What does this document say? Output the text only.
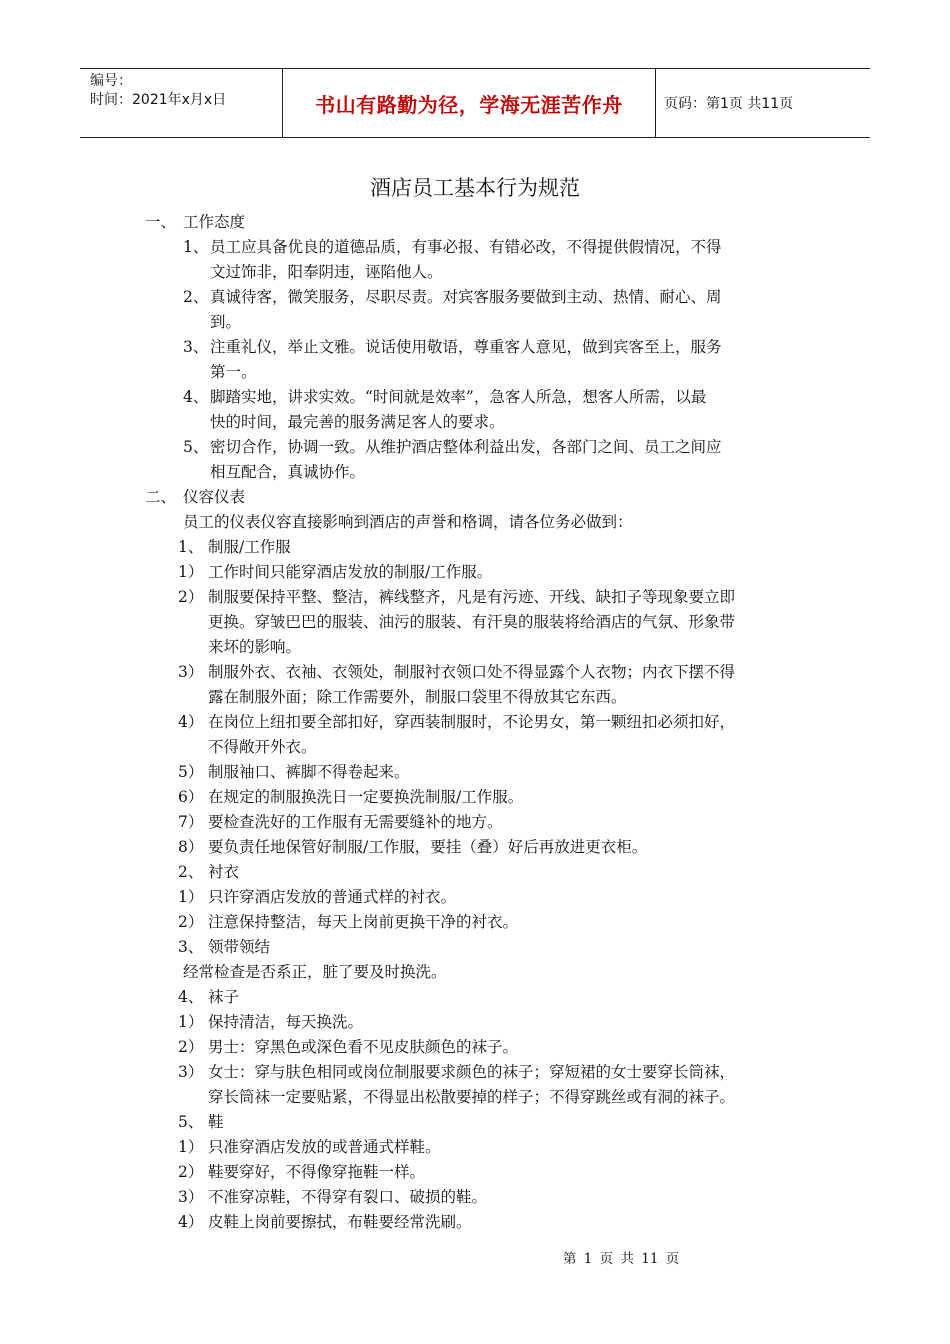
编号：
时间：2021年x月x日	书山有路勤为径，学海无涯苦作舟	页码：第1页 共11页
酒店员工基本行为规范
一、 工作态度
1、 员工应具备优良的道德品质，有事必报、有错必改，不得提供假情况，不得
文过饰非，阳奉阴违，诬陷他人。
2、 真诚待客，微笑服务，尽职尽责。对宾客服务要做到主动、热情、耐心、周
到。
3、 注重礼仪，举止文雅。说话使用敬语，尊重客人意见，做到宾客至上，服务
第一。
4、 脚踏实地，讲求实效。“时间就是效率”，急客人所急，想客人所需，以最
快的时间，最完善的服务满足客人的要求。
5、 密切合作，协调一致。从维护酒店整体利益出发，各部门之间、员工之间应
相互配合，真诚协作。
二、 仪容仪表
员工的仪表仪容直接影响到酒店的声誉和格调，请各位务必做到：
1、 制服/工作服
1） 工作时间只能穿酒店发放的制服/工作服。
2） 制服要保持平整、整洁，裤线整齐，凡是有污迹、开线、缺扣子等现象要立即
更换。穿皱巴巴的服装、油污的服装、有汗臭的服装将给酒店的气氛、形象带
来坏的影响。
3） 制服外衣、衣袖、衣领处，制服衬衣领口处不得显露个人衣物；内衣下摆不得
露在制服外面；除工作需要外，制服口袋里不得放其它东西。
4） 在岗位上纽扣要全部扣好，穿西装制服时，不论男女，第一颗纽扣必须扣好，
不得敞开外衣。
5） 制服袖口、裤脚不得卷起来。
6） 在规定的制服换洗日一定要换洗制服/工作服。
7） 要检查洗好的工作服有无需要缝补的地方。
8） 要负责任地保管好制服/工作服，要挂（叠）好后再放进更衣柜。
2、 衬衣
1） 只许穿酒店发放的普通式样的衬衣。
2） 注意保持整洁，每天上岗前更换干净的衬衣。
3、 领带领结
经常检查是否系正，脏了要及时换洗。
4、 袜子
1） 保持清洁，每天换洗。
2） 男士：穿黑色或深色看不见皮肤颜色的袜子。
3） 女士：穿与肤色相同或岗位制服要求颜色的袜子；穿短裙的女士要穿长筒袜，
穿长筒袜一定要贴紧，不得显出松散要掉的样子；不得穿跳丝或有洞的袜子。
5、 鞋
1） 只准穿酒店发放的或普通式样鞋。
2） 鞋要穿好，不得像穿拖鞋一样。
3） 不准穿凉鞋，不得穿有裂口、破损的鞋。
4） 皮鞋上岗前要擦拭，布鞋要经常洗刷。
第 1 页 共 11 页
